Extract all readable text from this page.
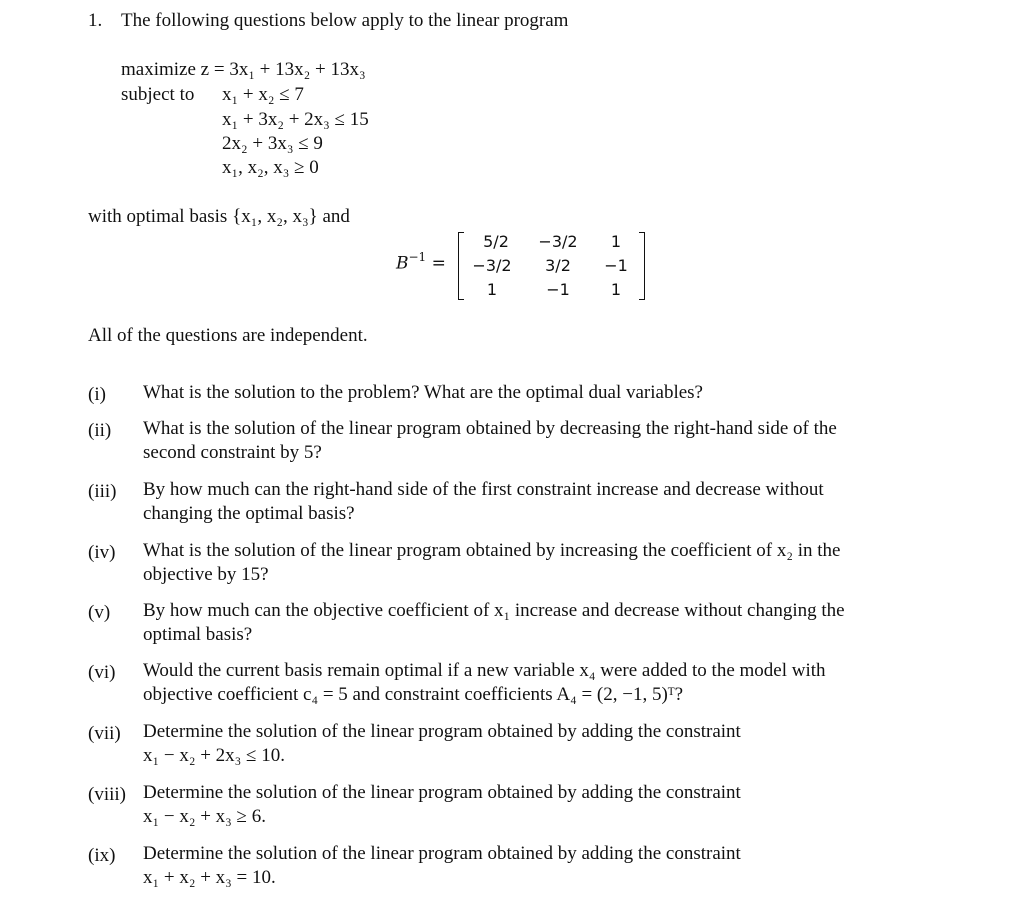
1. The following questions below apply to the linear program
maximize z = 3x₁ + 13x₂ + 13x₃
subject to x₁ + x₂ ≤ 7
x₁ + 3x₂ + 2x₃ ≤ 15
2x₂ + 3x₃ ≤ 9
x₁, x₂, x₃ ≥ 0
with optimal basis {x₁, x₂, x₃} and
$B^{-1}$ =
5/2	−3/2	1
−3/2	3/2	−1
1	−1	1
All of the questions are independent.
(i) What is the solution to the problem? What are the optimal dual variables?
(ii) What is the solution of the linear program obtained by decreasing the right-hand side of the
second constraint by 5?
(iii) By how much can the right-hand side of the first constraint increase and decrease without
changing the optimal basis?
(iv) What is the solution of the linear program obtained by increasing the coefficient of x₂ in the
objective by 15?
(v) By how much can the objective coefficient of x₁ increase and decrease without changing the
optimal basis?
(vi) Would the current basis remain optimal if a new variable x₄ were added to the model with
objective coefficient c₄ = 5 and constraint coefficients A₄ = (2, −1, 5)ᵀ?
(vii) Determine the solution of the linear program obtained by adding the constraint
x₁ − x₂ + 2x₃ ≤ 10.
(viii) Determine the solution of the linear program obtained by adding the constraint
x₁ − x₂ + x₃ ≥ 6.
(ix) Determine the solution of the linear program obtained by adding the constraint
x₁ + x₂ + x₃ = 10.
